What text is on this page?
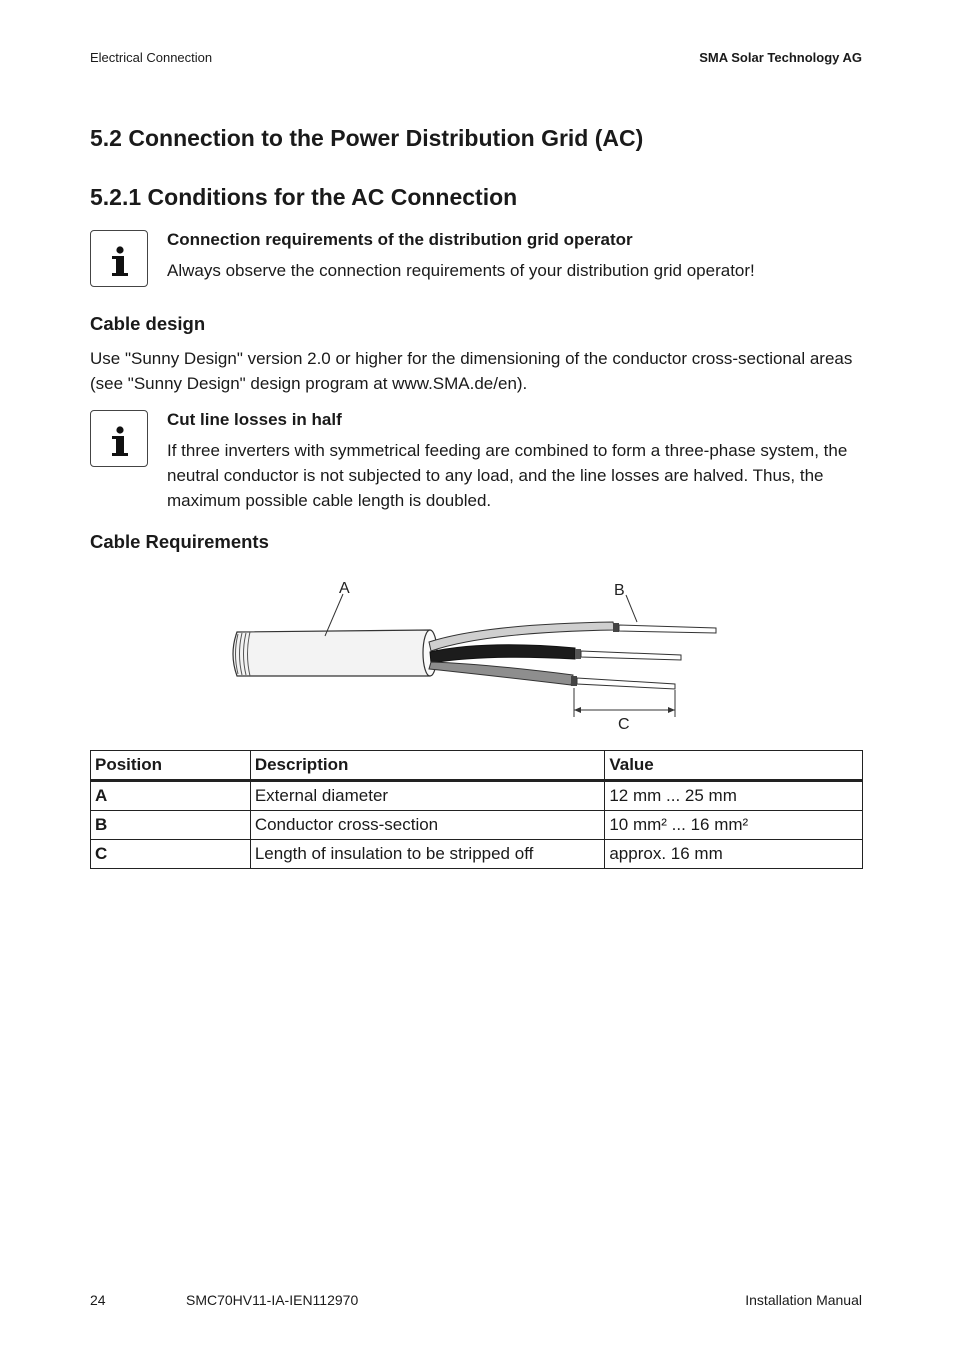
Electrical Connection	SMA Solar Technology AG
5.2 Connection to the Power Distribution Grid (AC)
5.2.1 Conditions for the AC Connection
Connection requirements of the distribution grid operator
Always observe the connection requirements of your distribution grid operator!
Cable design
Use "Sunny Design" version 2.0 or higher for the dimensioning of the conductor cross-sectional areas (see "Sunny Design" design program at www.SMA.de/en).
Cut line losses in half
If three inverters with symmetrical feeding are combined to form a three-phase system, the neutral conductor is not subjected to any load, and the line losses are halved. Thus, the maximum possible cable length is doubled.
Cable Requirements
A	B
C
Position	Description	Value
A	External diameter	12 mm ... 25 mm
B	Conductor cross-section	10 mm² ... 16 mm²
C	Length of insulation to be stripped off	approx. 16 mm
24	SMC70HV11-IA-IEN112970	Installation Manual
